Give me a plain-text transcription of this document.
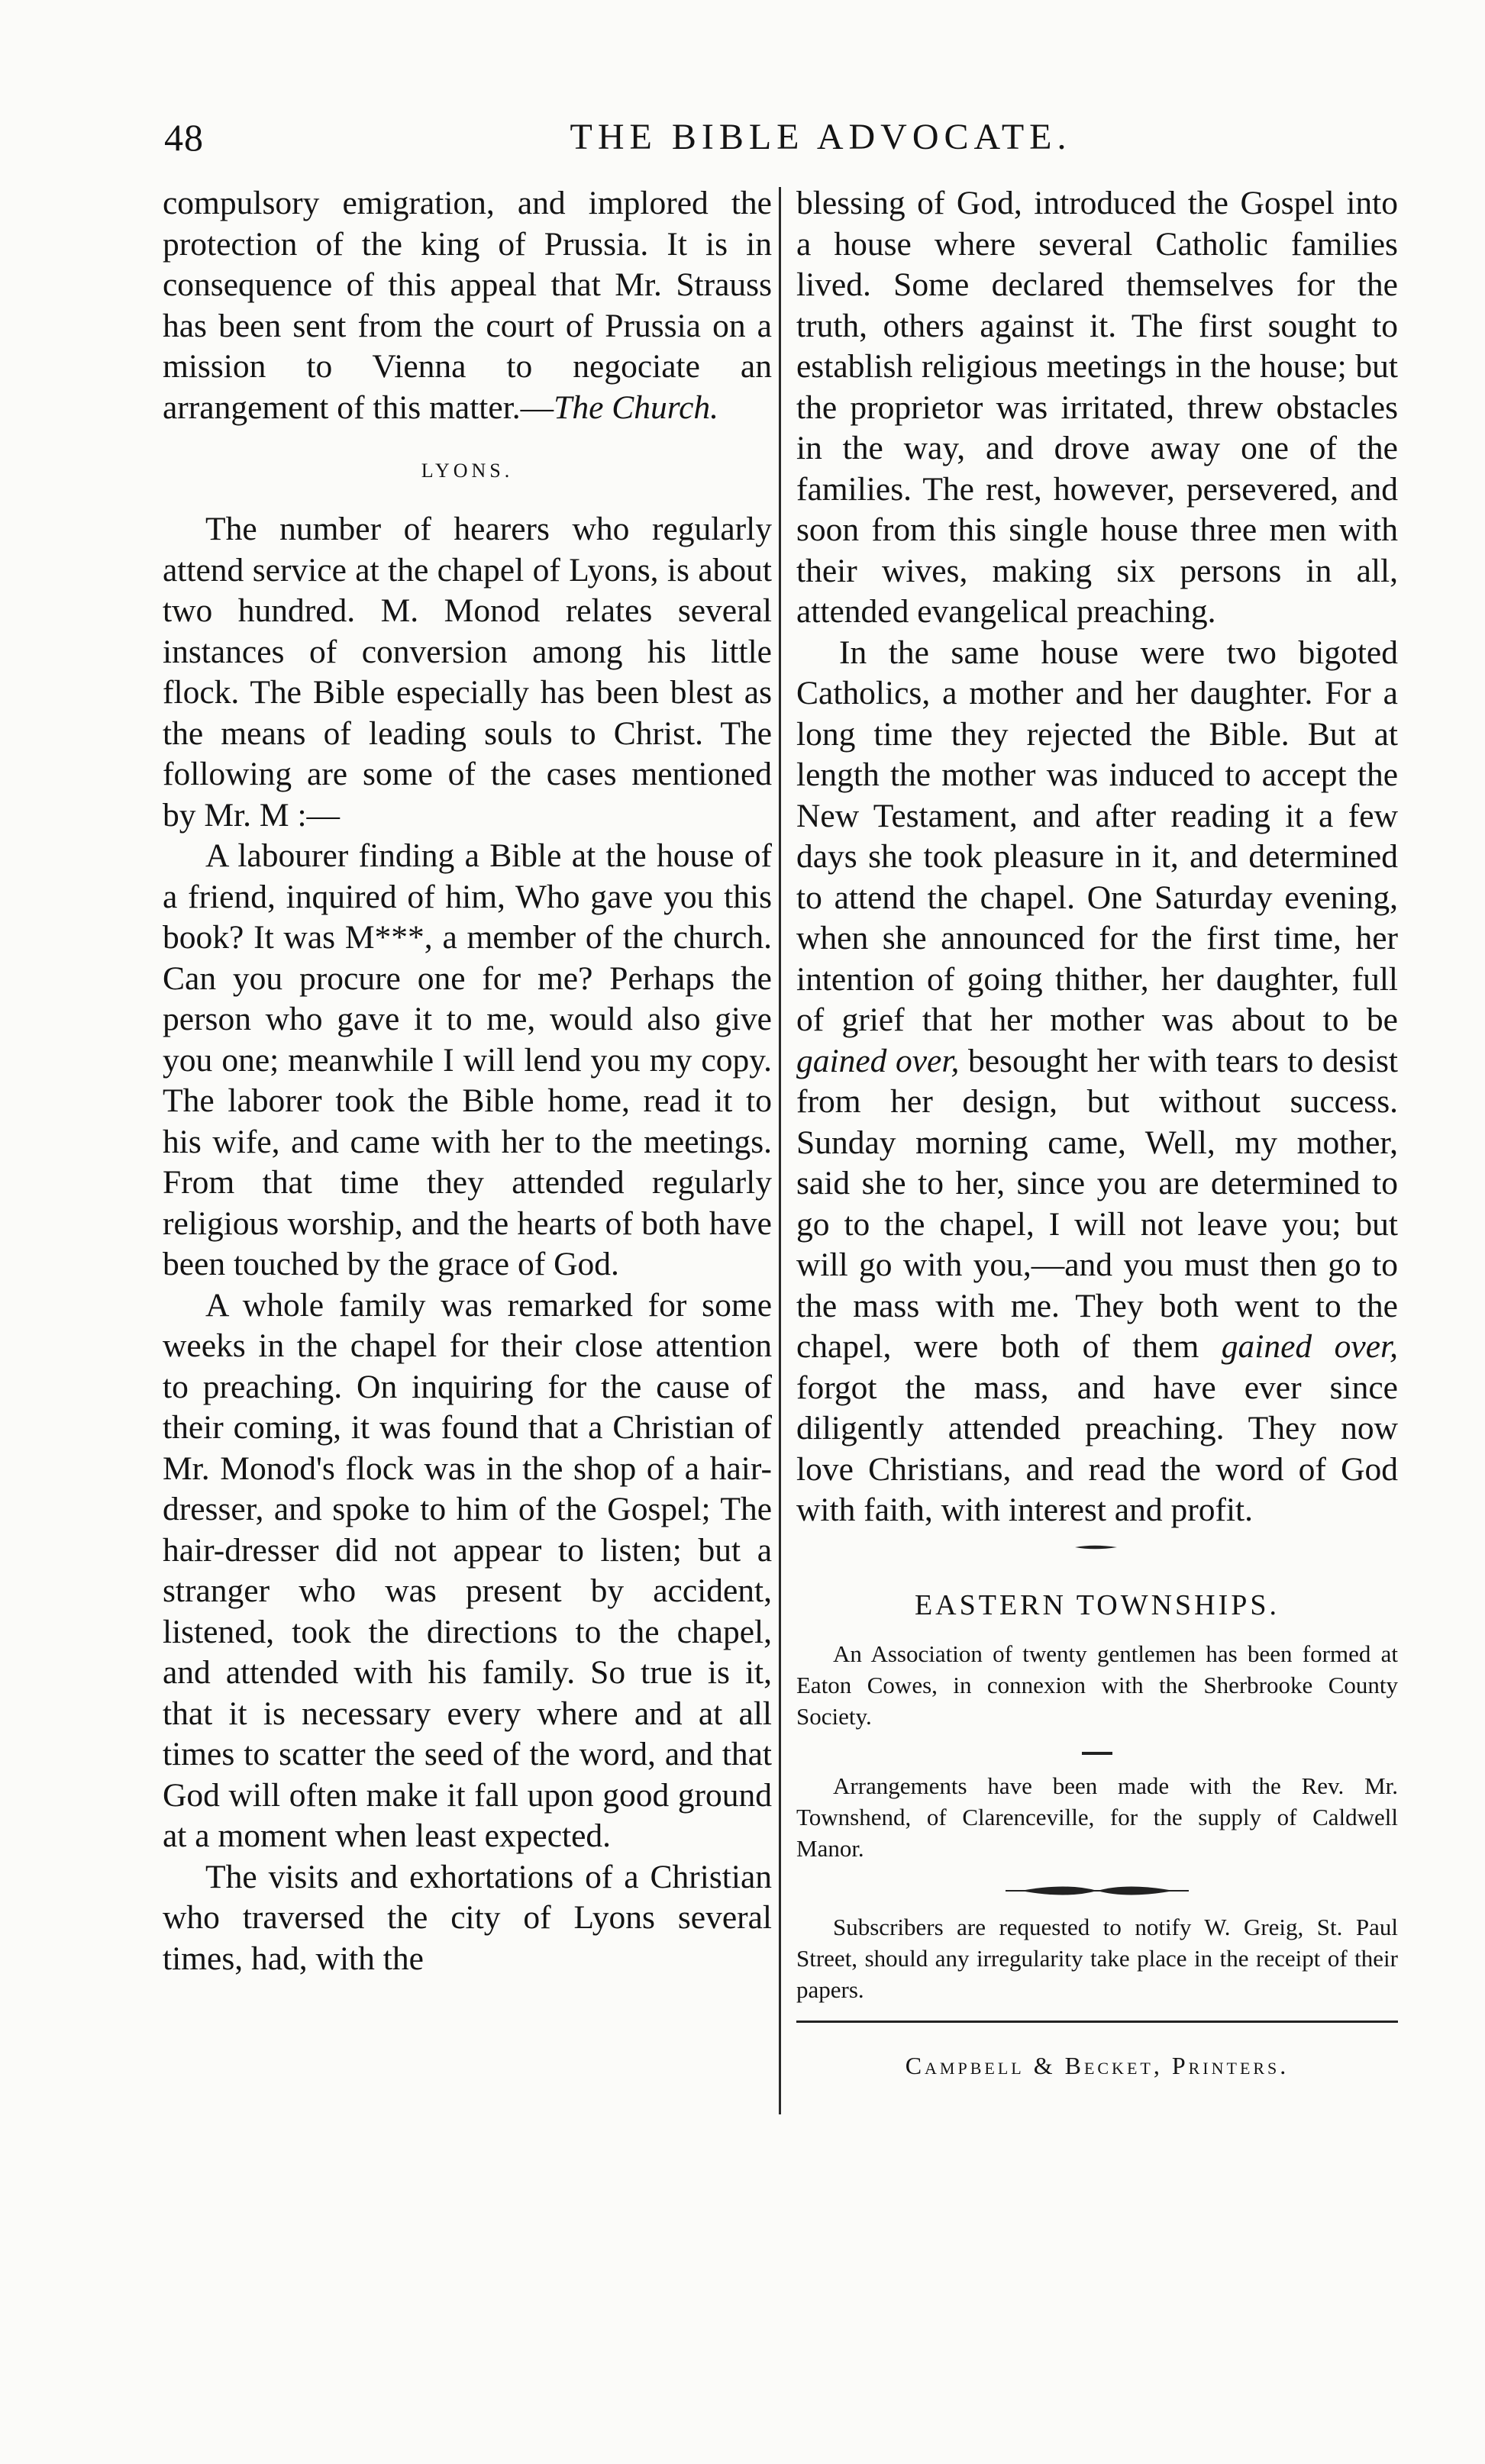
48	THE BIBLE ADVOCATE.

compulsory emigration, and implored the protection of the king of Prussia. It is in consequence of this appeal that Mr. Strauss has been sent from the court of Prussia on a mission to Vienna to negociate an arrangement of this matter.—The Church.

LYONS.

The number of hearers who regularly attend service at the chapel of Lyons, is about two hundred. M. Monod relates several instances of conversion among his little flock. The Bible especially has been blest as the means of leading souls to Christ. The following are some of the cases mentioned by Mr. M :—

A labourer finding a Bible at the house of a friend, inquired of him, Who gave you this book? It was M***, a member of the church. Can you procure one for me? Perhaps the person who gave it to me, would also give you one; meanwhile I will lend you my copy. The laborer took the Bible home, read it to his wife, and came with her to the meetings. From that time they attended regularly religious worship, and the hearts of both have been touched by the grace of God.

A whole family was remarked for some weeks in the chapel for their close attention to preaching. On inquiring for the cause of their coming, it was found that a Christian of Mr. Monod's flock was in the shop of a hair-dresser, and spoke to him of the Gospel; The hair-dresser did not appear to listen; but a stranger who was present by accident, listened, took the directions to the chapel, and attended with his family. So true is it, that it is necessary every where and at all times to scatter the seed of the word, and that God will often make it fall upon good ground at a moment when least expected.

The visits and exhortations of a Christian who traversed the city of Lyons several times, had, with the

blessing of God, introduced the Gospel into a house where several Catholic families lived. Some declared themselves for the truth, others against it. The first sought to establish religious meetings in the house; but the proprietor was irritated, threw obstacles in the way, and drove away one of the families. The rest, however, persevered, and soon from this single house three men with their wives, making six persons in all, attended evangelical preaching.

In the same house were two bigoted Catholics, a mother and her daughter. For a long time they rejected the Bible. But at length the mother was induced to accept the New Testament, and after reading it a few days she took pleasure in it, and determined to attend the chapel. One Saturday evening, when she announced for the first time, her intention of going thither, her daughter, full of grief that her mother was about to be gained over, besought her with tears to desist from her design, but without success. Sunday morning came, Well, my mother, said she to her, since you are determined to go to the chapel, I will not leave you; but will go with you,—and you must then go to the mass with me. They both went to the chapel, were both of them gained over, forgot the mass, and have ever since diligently attended preaching. They now love Christians, and read the word of God with faith, with interest and profit.

EASTERN TOWNSHIPS.

An Association of twenty gentlemen has been formed at Eaton Cowes, in connexion with the Sherbrooke County Society.

Arrangements have been made with the Rev. Mr. Townshend, of Clarenceville, for the supply of Caldwell Manor.

Subscribers are requested to notify W. Greig, St. Paul Street, should any irregularity take place in the receipt of their papers.

Campbell & Becket, Printers.
